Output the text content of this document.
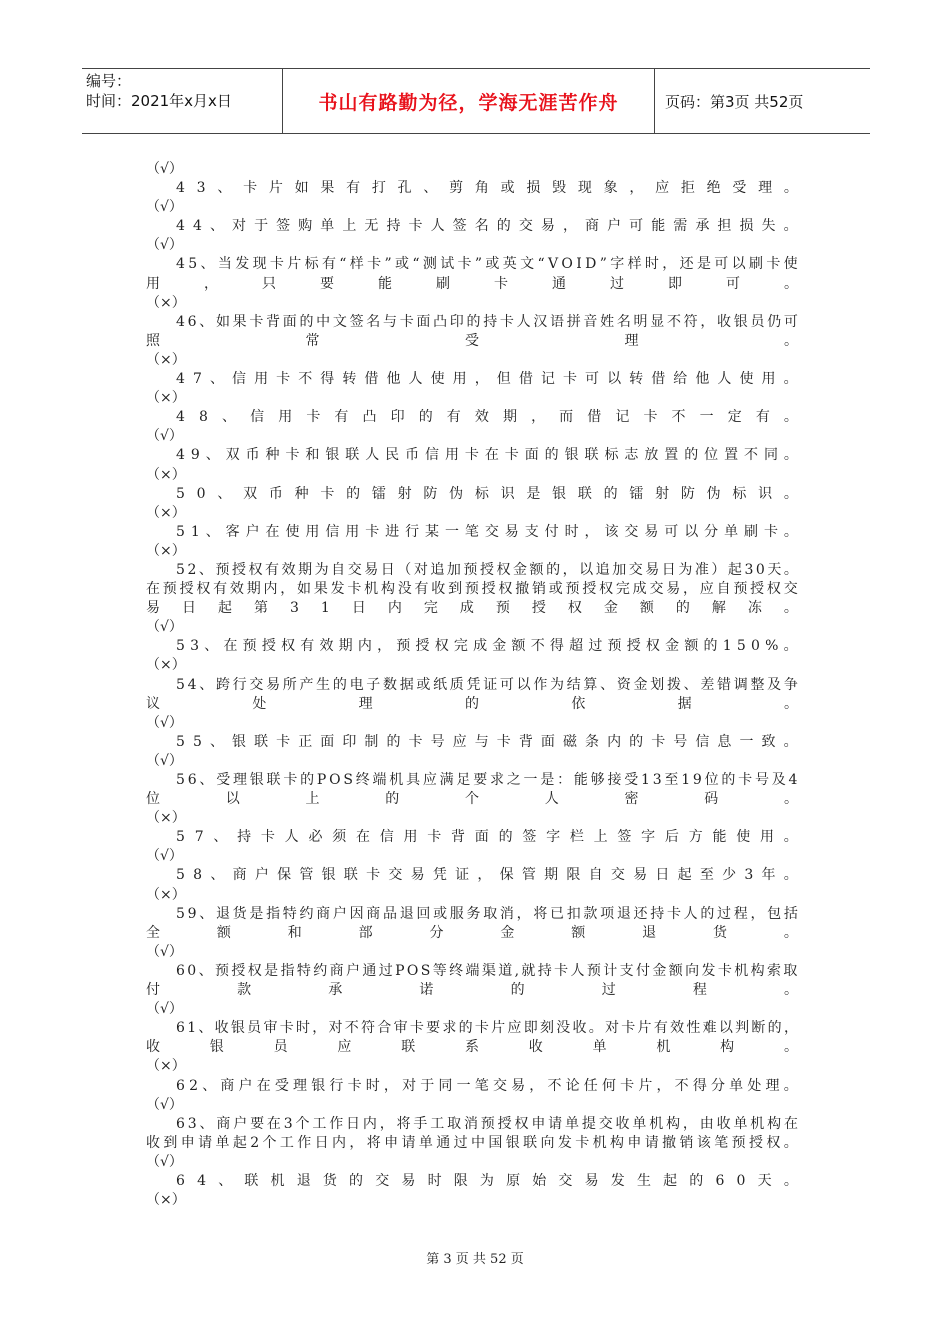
编号：
时间：2021年x月x日	书山有路勤为径，学海无涯苦作舟	页码：第3页 共52页
（√）
4 3 、 卡 片 如 果 有 打 孔 、 剪 角 或 损 毁 现 象 ， 应 拒 绝 受 理 。
（√）
4 4 、 对 于 签 购 单 上 无 持 卡 人 签 名 的 交 易 ， 商 户 可 能 需 承 担 损 失 。
（√）
4 5 、 当 发 现 卡 片 标 有 “ 样 卡 ” 或 “ 测 试 卡 ” 或 英 文 “ V O I D ” 字 样 时 ， 还 是 可 以 刷 卡 使
用	，	只	要	能	刷	卡	通	过	即	可	。
（×）
4 6 、 如 果 卡 背 面 的 中 文 签 名 与 卡 面 凸 印 的 持 卡 人 汉 语 拼 音 姓 名 明 显 不 符 ， 收 银 员 仍 可
照	常	受	理	。
（×）
4 7 、 信 用 卡 不 得 转 借 他 人 使 用 ， 但 借 记 卡 可 以 转 借 给 他 人 使 用 。
（×）
4 8 、 信 用 卡 有 凸 印 的 有 效 期 ， 而 借 记 卡 不 一 定 有 。
（√）
4 9 、 双 币 种 卡 和 银 联 人 民 币 信 用 卡 在 卡 面 的 银 联 标 志 放 置 的 位 置 不 同 。
（×）
5 0 、 双 币 种 卡 的 镭 射 防 伪 标 识 是 银 联 的 镭 射 防 伪 标 识 。
（×）
5 1 、 客 户 在 使 用 信 用 卡 进 行 某 一 笔 交 易 支 付 时 ， 该 交 易 可 以 分 单 刷 卡 。
（×）
5 2 、 预 授 权 有 效 期 为 自 交 易 日 （ 对 追 加 预 授 权 金 额 的 ， 以 追 加 交 易 日 为 准 ） 起 3 0 天 。
在 预 授 权 有 效 期 内 ， 如 果 发 卡 机 构 没 有 收 到 预 授 权 撤 销 或 预 授 权 完 成 交 易 ， 应 自 预 授 权 交
易 日 起 第 3 1 日 内 完 成 预 授 权 金 额 的 解 冻 。
（√）
5 3 、 在 预 授 权 有 效 期 内 ， 预 授 权 完 成 金 额 不 得 超 过 预 授 权 金 额 的 1 5 0 % 。
（×）
5 4 、 跨 行 交 易 所 产 生 的 电 子 数 据 或 纸 质 凭 证 可 以 作 为 结 算 、 资 金 划 拨 、 差 错 调 整 及 争
议	处	理	的	依	据	。
（√）
5 5 、 银 联 卡 正 面 印 制 的 卡 号 应 与 卡 背 面 磁 条 内 的 卡 号 信 息 一 致 。
（√）
5 6 、 受 理 银 联 卡 的 P O S 终 端 机 具 应 满 足 要 求 之 一 是 ： 能 够 接 受 1 3 至 1 9 位 的 卡 号 及 4
位	以	上	的	个	人	密	码	。
（×）
5 7 、 持 卡 人 必 须 在 信 用 卡 背 面 的 签 字 栏 上 签 字 后 方 能 使 用 。
（√）
5 8 、 商 户 保 管 银 联 卡 交 易 凭 证 ， 保 管 期 限 自 交 易 日 起 至 少 3 年 。
（×）
5 9 、 退 货 是 指 特 约 商 户 因 商 品 退 回 或 服 务 取 消 ， 将 已 扣 款 项 退 还 持 卡 人 的 过 程 ， 包 括
全	额	和	部	分	金	额	退	货	。
（√）
6 0 、 预 授 权 是 指 特 约 商 户 通 过 P O S 等 终 端 渠 道 , 就 持 卡 人 预 计 支 付 金 额 向 发 卡 机 构 索 取
付	款	承	诺	的	过	程	。
（√）
6 1 、 收 银 员 审 卡 时 ， 对 不 符 合 审 卡 要 求 的 卡 片 应 即 刻 没 收 。 对 卡 片 有 效 性 难 以 判 断 的 ，
收	银	员	应	联	系	收	单	机	构	。
（×）
6 2 、 商 户 在 受 理 银 行 卡 时 ， 对 于 同 一 笔 交 易 ， 不 论 任 何 卡 片 ， 不 得 分 单 处 理 。
（√）
6 3 、 商 户 要 在 3 个 工 作 日 内 ， 将 手 工 取 消 预 授 权 申 请 单 提 交 收 单 机 构 ， 由 收 单 机 构 在
收 到 申 请 单 起 2 个 工 作 日 内 ， 将 申 请 单 通 过 中 国 银 联 向 发 卡 机 构 申 请 撤 销 该 笔 预 授 权 。
（√）
6 4 、 联 机 退 货 的 交 易 时 限 为 原 始 交 易 发 生 起 的 6 0 天 。
（×）
第 3 页 共 52 页
